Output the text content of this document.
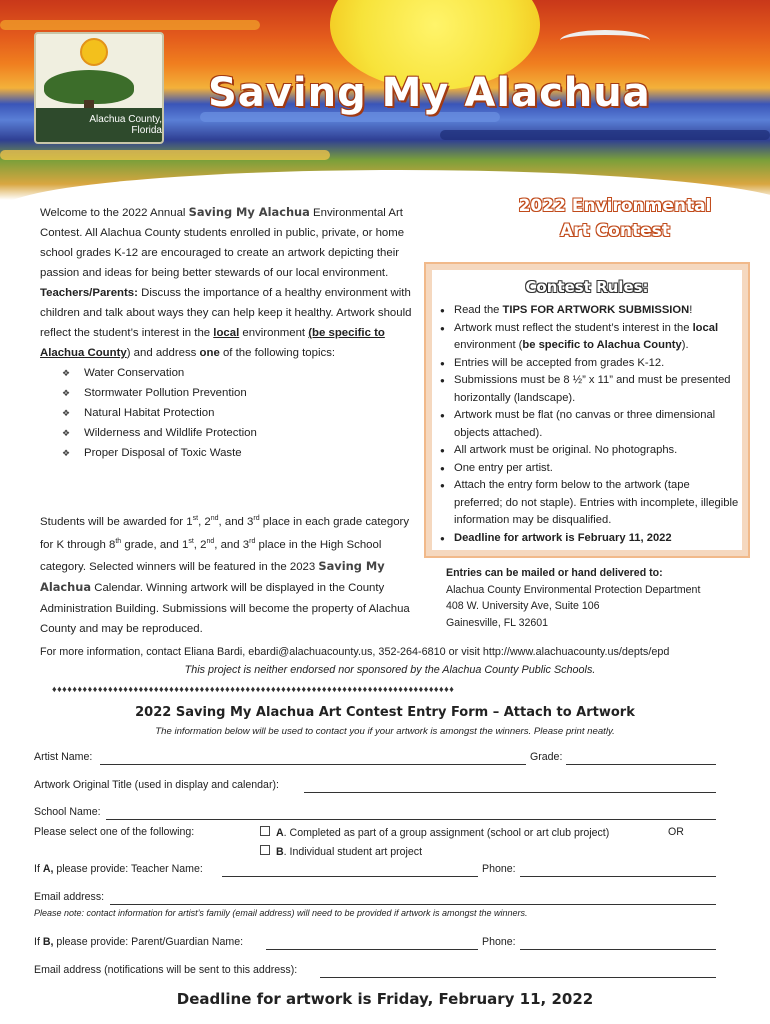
Alachua County,
Florida
Saving My Alachua
2022 Environmental
Art Contest

Welcome to the 2022 Annual Saving My Alachua Environmental Art Contest. All Alachua County students enrolled in public, private, or home school grades K-12 are encouraged to create an artwork depicting their passion and ideas for being better stewards of our local environment.

Teachers/Parents: Discuss the importance of a healthy environment with children and talk about ways they can help keep it healthy. Artwork should reflect the student’s interest in the local environment (be specific to Alachua County) and address one of the following topics:

❖ Water Conservation
❖ Stormwater Pollution Prevention
❖ Natural Habitat Protection
❖ Wilderness and Wildlife Protection
❖ Proper Disposal of Toxic Waste
Students will be awarded for 1st, 2nd, and 3rd place in each grade category for K through 8th grade, and 1st, 2nd, and 3rd place in the High School category. Selected winners will be featured in the 2023 Saving My Alachua Calendar. Winning artwork will be displayed in the County Administration Building. Submissions will become the property of Alachua County and may be reproduced.
Contest Rules:
● Read the TIPS FOR ARTWORK SUBMISSION!
● Artwork must reflect the student’s interest in the local environment (be specific to Alachua County).
● Entries will be accepted from grades K-12.
● Submissions must be 8 ½” x 11” and must be presented horizontally (landscape).
● Artwork must be flat (no canvas or three dimensional objects attached).
● All artwork must be original. No photographs.
● One entry per artist.
● Attach the entry form below to the artwork (tape preferred; do not staple). Entries with incomplete, illegible information may be disqualified.
● Deadline for artwork is February 11, 2022
Entries can be mailed or hand delivered to:
Alachua County Environmental Protection Department
408 W. University Ave, Suite 106
Gainesville, FL 32601
For more information, contact Eliana Bardi, ebardi@alachuacounty.us, 352-264-6810 or visit http://www.alachuacounty.us/depts/epd
This project is neither endorsed nor sponsored by the Alachua County Public Schools.
♦♦♦♦♦♦♦♦♦♦♦♦♦♦♦♦♦♦♦♦♦♦♦♦♦♦♦♦♦♦♦♦♦♦♦♦♦♦♦♦♦♦♦♦♦♦♦♦♦♦♦♦♦♦♦♦♦♦♦♦♦♦♦♦♦♦♦♦♦♦♦♦♦♦♦♦♦♦♦
2022 Saving My Alachua Art Contest Entry Form – Attach to Artwork
The information below will be used to contact you if your artwork is amongst the winners. Please print neatly.
Artist Name:	Grade:
Artwork Original Title (used in display and calendar):
School Name:
Please select one of the following:	A. Completed as part of a group assignment (school or art club project)	OR
B. Individual student art project
If A, please provide: Teacher Name:	Phone:
Email address:
Please note: contact information for artist’s family (email address) will need to be provided if artwork is amongst the winners.
If B, please provide: Parent/Guardian Name:	Phone:
Email address (notifications will be sent to this address):
Deadline for artwork is Friday, February 11, 2022
